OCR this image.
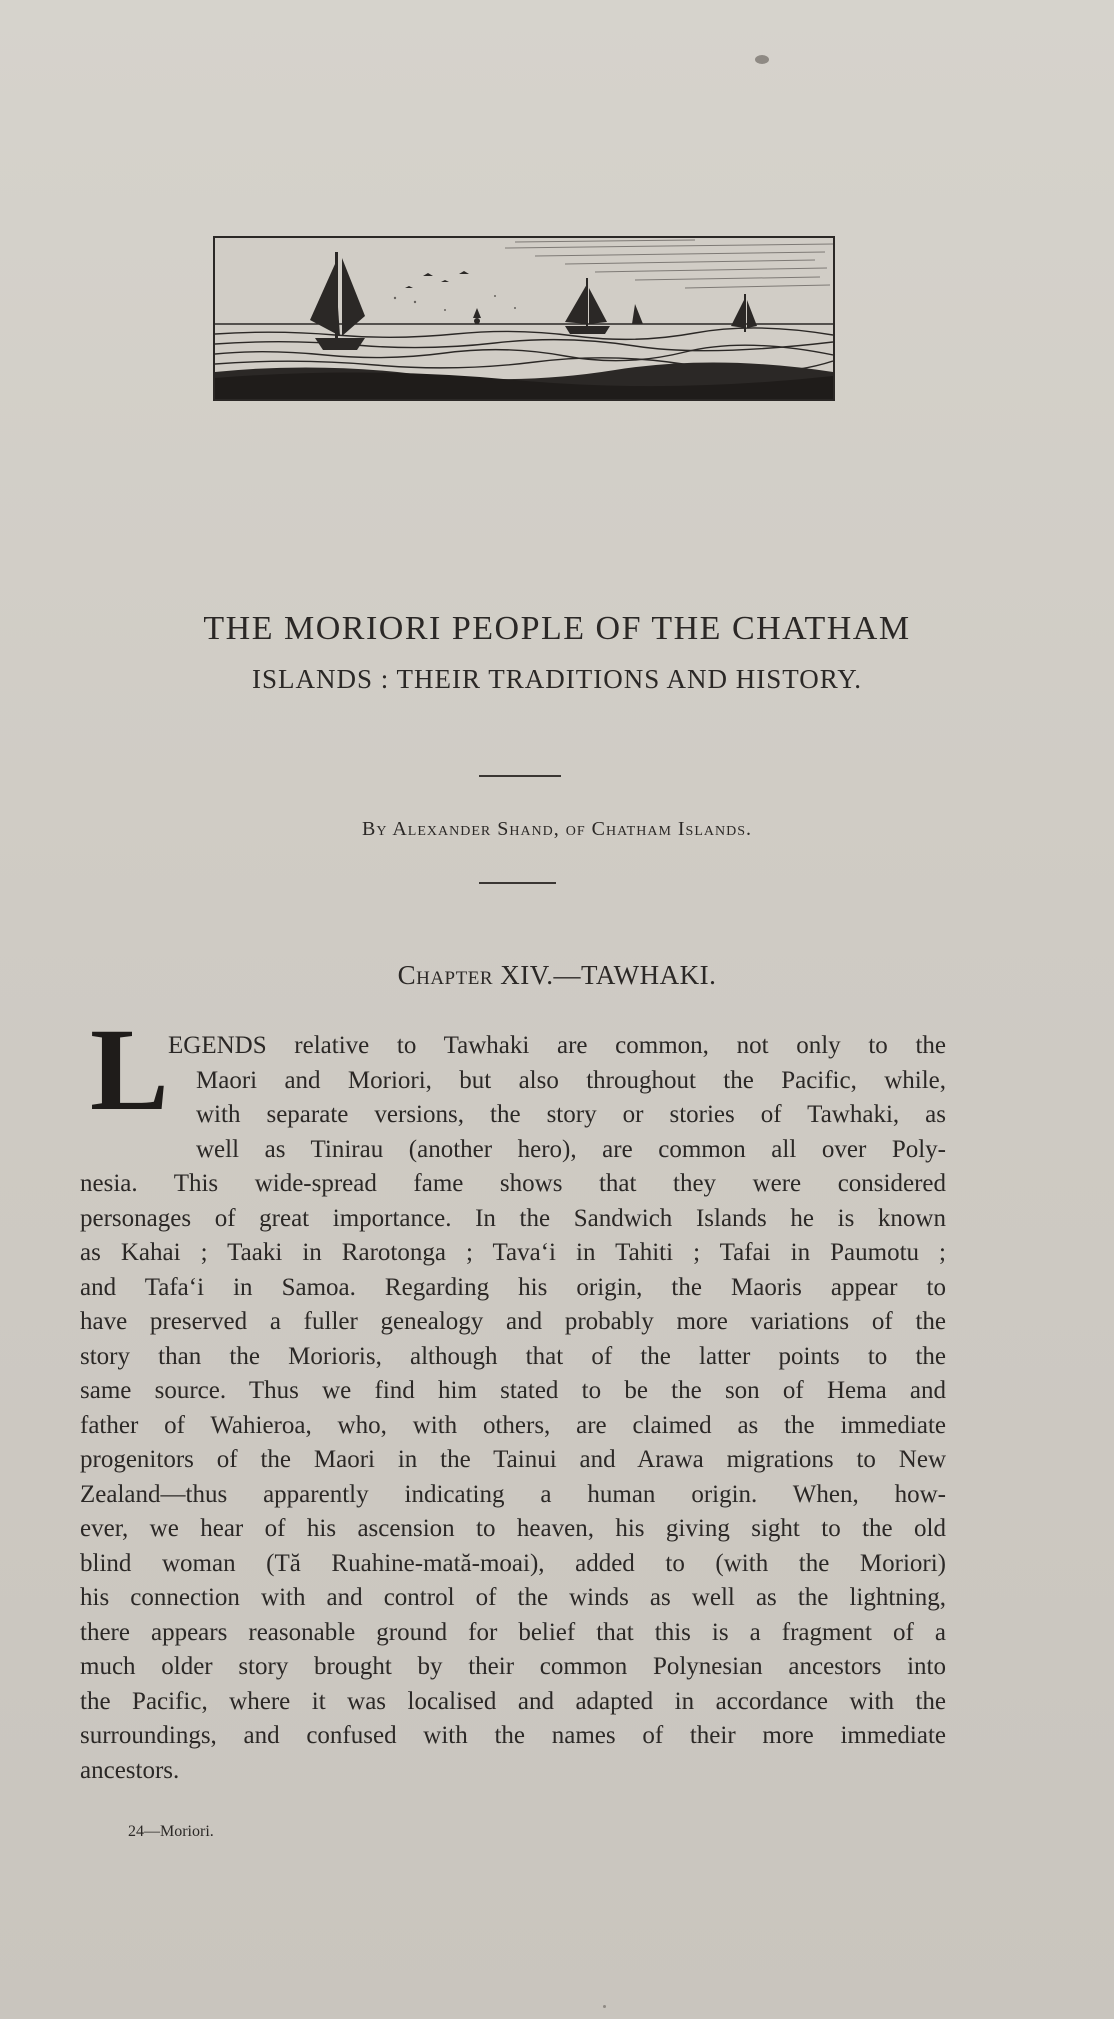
THE MORIORI PEOPLE OF THE CHATHAM
ISLANDS : THEIR TRADITIONS AND HISTORY.
By Alexander Shand, of Chatham Islands.
Chapter XIV.—TAWHAKI.
L EGENDS relative to Tawhaki are common, not only to the
Maori and Moriori, but also throughout the Pacific, while,
with separate versions, the story or stories of Tawhaki, as
well as Tinirau (another hero), are common all over Poly-
nesia. This wide-spread fame shows that they were considered
personages of great importance. In the Sandwich Islands he is known
as Kahai ; Taaki in Rarotonga ; Tava‘i in Tahiti ; Tafai in Paumotu ;
and Tafa‘i in Samoa. Regarding his origin, the Maoris appear to
have preserved a fuller genealogy and probably more variations of the
story than the Morioris, although that of the latter points to the
same source. Thus we find him stated to be the son of Hema and
father of Wahieroa, who, with others, are claimed as the immediate
progenitors of the Maori in the Tainui and Arawa migrations to New
Zealand—thus apparently indicating a human origin. When, how-
ever, we hear of his ascension to heaven, his giving sight to the old
blind woman (Tă Ruahine-mată-moai), added to (with the Moriori)
his connection with and control of the winds as well as the lightning,
there appears reasonable ground for belief that this is a fragment of a
much older story brought by their common Polynesian ancestors into
the Pacific, where it was localised and adapted in accordance with the
surroundings, and confused with the names of their more immediate
ancestors.
24—Moriori.
